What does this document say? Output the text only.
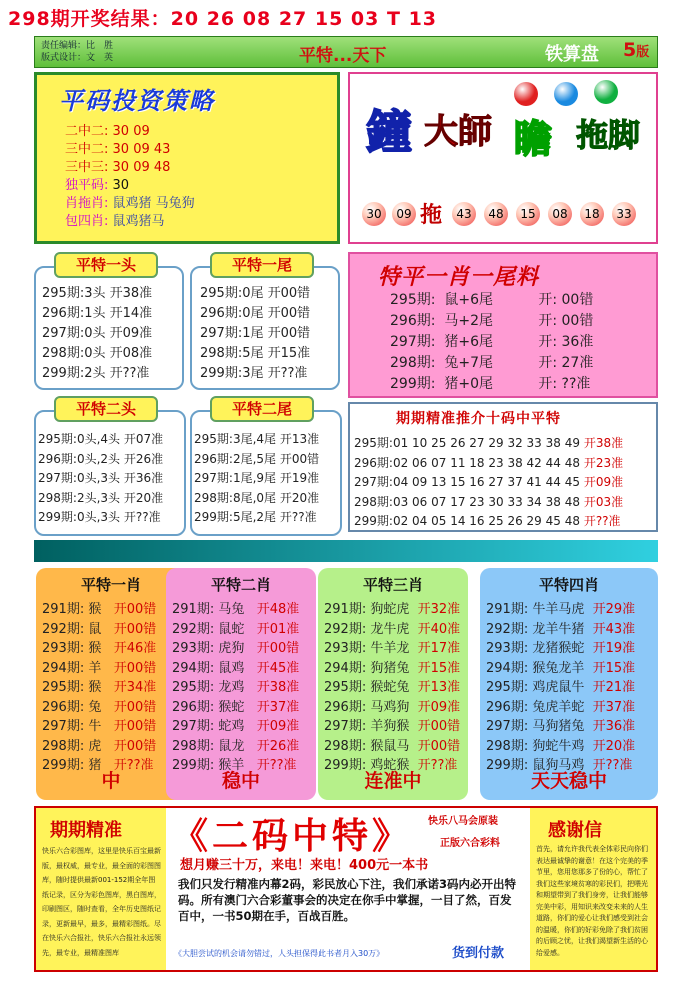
298期开奖结果：20 26 08 27 15 03 T 13
责任编辑：比　胜
版式设计：文　英	平特...天下	铁算盘 5版
平码投资策略
二中二: 30 09
三中二: 30 09 43
三中三: 30 09 48
独平码: 30
肖拖肖: 鼠鸡猪 马兔狗
包四肖: 鼠鸡猪马
鐘 大師 瞻 拖脚
30	09 拖	43	48	15	08	18	33
295期:3头 开38准
296期:1头 开14准
297期:0头 开09准
298期:0头 开08准
299期:2头 开??准
平特一头
295期:0尾 开00错
296期:0尾 开00错
297期:1尾 开00错
298期:5尾 开15准
299期:3尾 开??准
平特一尾
295期:0头,4头 开07准
296期:0头,2头 开26准
297期:0头,3头 开36准
298期:2头,3头 开20准
299期:0头,3头 开??准
平特二头
295期:3尾,4尾 开13准
296期:2尾,5尾 开00错
297期:1尾,9尾 开19准
298期:8尾,0尾 开20准
299期:5尾,2尾 开??准
平特二尾
特平一肖一尾料
295期: 鼠+6尾	开: 00错
296期: 马+2尾	开: 00错
297期: 猪+6尾	开: 36准
298期: 兔+7尾	开: 27准
299期: 猪+0尾	开: ??准
期期精准推介十码中平特
295期:01 10 25 26 27 29 32 33 38 49 开38准
296期:02 06 07 11 18 23 38 42 44 48 开23准
297期:04 09 13 15 16 27 37 41 44 45 开09准
298期:03 06 07 17 23 30 33 34 38 48 开03准
299期:02 04 05 14 16 25 26 29 45 48 开??准
平特一肖
291期: 猴 开00错
292期: 鼠 开00错
293期: 猴 开46准
294期: 羊 开00错
295期: 猴 开34准
296期: 兔 开00错
297期: 牛 开00错
298期: 虎 开00错
299期: 猪 开??准
中
平特二肖
291期: 马兔 开48准
292期: 鼠蛇 开01准
293期: 虎狗 开00错
294期: 鼠鸡 开45准
295期: 龙鸡 开38准
296期: 猴蛇 开37准
297期: 蛇鸡 开09准
298期: 鼠龙 开26准
299期: 猴羊 开??准
稳中
平特三肖
291期: 狗蛇虎 开32准
292期: 龙牛虎 开40准
293期: 牛羊龙 开17准
294期: 狗猪兔 开15准
295期: 猴蛇兔 开13准
296期: 马鸡狗 开09准
297期: 羊狗猴 开00错
298期: 猴鼠马 开00错
299期: 鸡蛇猴 开??准
连准中
平特四肖
291期: 牛羊马虎 开29准
292期: 龙羊牛猪 开43准
293期: 龙猪猴蛇 开19准
294期: 猴兔龙羊 开15准
295期: 鸡虎鼠牛 开21准
296期: 兔虎羊蛇 开37准
297期: 马狗猪兔 开36准
298期: 狗蛇牛鸡 开20准
299期: 鼠狗马鸡 开??准
天天稳中
期期精准
快乐六合彩图库，这里是快乐百宝最新版，最权威，最专业，最全面的彩图图库，随时提供最新001-152期全年图纸记录，区分为彩色图库，黑白图库，印刷图区，随时查看，全年历史图纸记录，更新最早，最多，最精彩图纸。尽在快乐六合报社，快乐六合报社永远领先，最专业，最精准图库
《二码中特》	快乐八马会原装
正版六合彩料
想月赚三十万，来电！来电！400元一本书
我们只发行精准内幕2码，彩民放心下注，我们承诺3码内必开出特码。所有澳门六合彩董事会的决定在你手中掌握，一目了然，百发百中，一书50期在手，百战百胜。
《大胆尝试的机会请勿错过，人头担保得此书者月入30万》	货到付款
感谢信
首先，请允许我代表全体彩民向你们表达最诚挚的谢意！在这个完美的季节里，您用您那多了份的心，帮忙了我们这些家境贫寒的彩民们，把喂光和期望带到了我们身旁，让我们能够完美中彩，用知识来改变未来的人生道路，你们的爱心让我们感受到社会的温暖，你们的好彩免除了我们贫困的后顾之忧，让我们渴望新生活的心给爱感。
